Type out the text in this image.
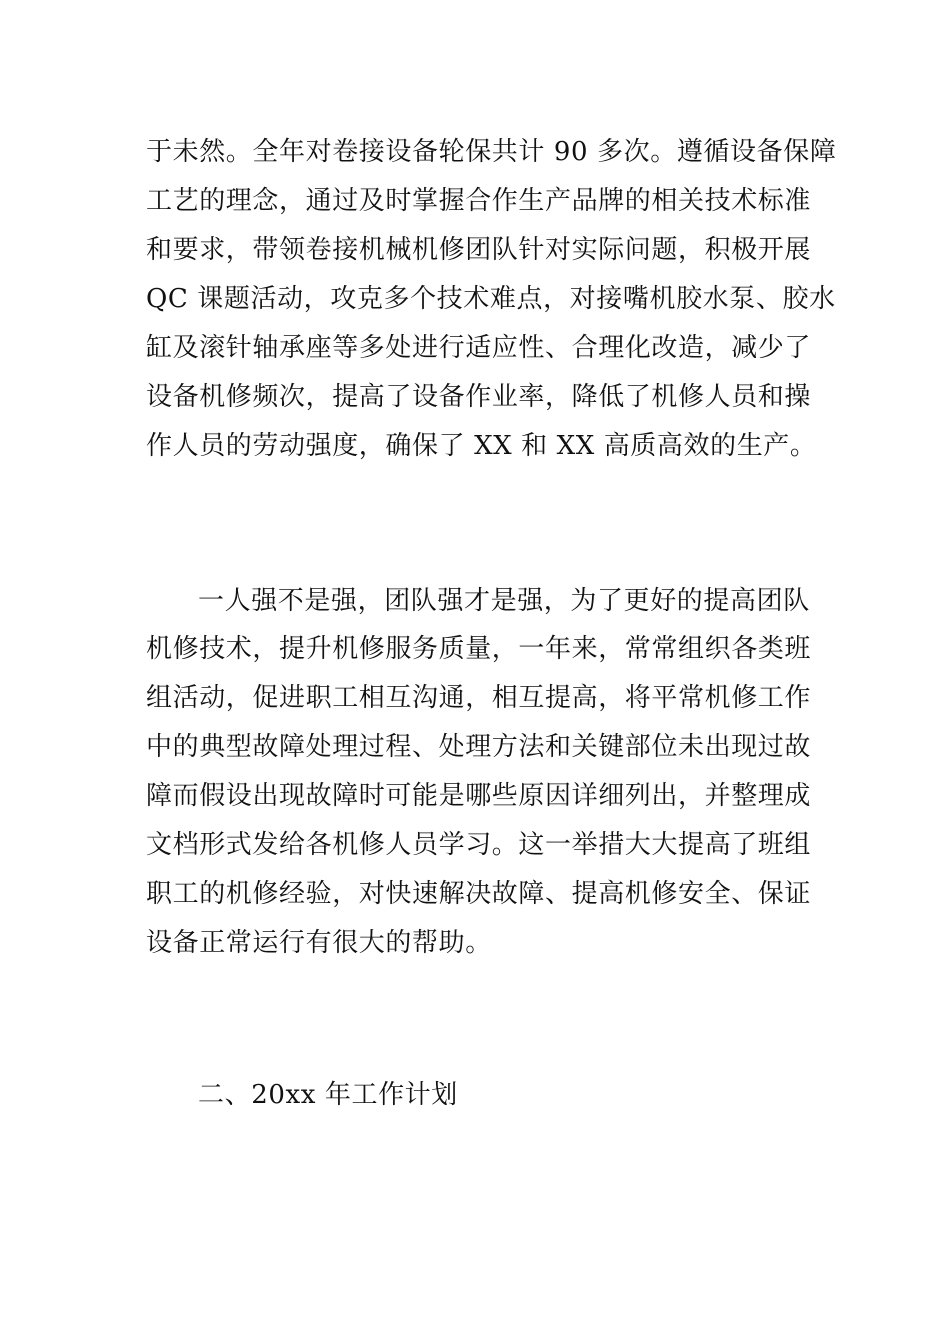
于未然。全年对卷接设备轮保共计 90 多次。遵循设备保障
工艺的理念，通过及时掌握合作生产品牌的相关技术标准
和要求，带领卷接机械机修团队针对实际问题，积极开展
QC 课题活动，攻克多个技术难点，对接嘴机胶水泵、胶水
缸及滚针轴承座等多处进行适应性、合理化改造，减少了
设备机修频次，提高了设备作业率，降低了机修人员和操
作人员的劳动强度，确保了 XX 和 XX 高质高效的生产。
一人强不是强，团队强才是强，为了更好的提高团队
机修技术，提升机修服务质量，一年来，常常组织各类班
组活动，促进职工相互沟通，相互提高，将平常机修工作
中的典型故障处理过程、处理方法和关键部位未出现过故
障而假设出现故障时可能是哪些原因详细列出，并整理成
文档形式发给各机修人员学习。这一举措大大提高了班组
职工的机修经验，对快速解决故障、提高机修安全、保证
设备正常运行有很大的帮助。
二、20xx 年工作计划
